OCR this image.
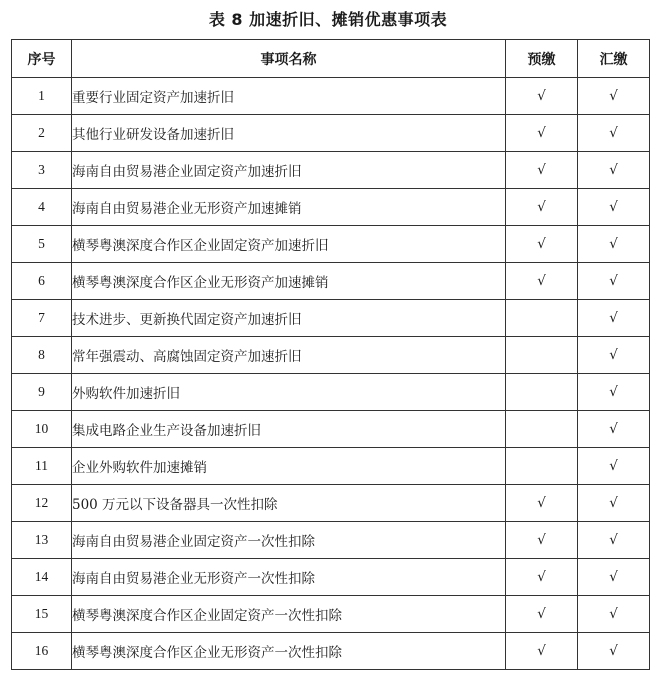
表 8 加速折旧、摊销优惠事项表
序号	事项名称	预缴	汇缴
1	重要行业固定资产加速折旧	√	√
2	其他行业研发设备加速折旧	√	√
3	海南自由贸易港企业固定资产加速折旧	√	√
4	海南自由贸易港企业无形资产加速摊销	√	√
5	横琴粤澳深度合作区企业固定资产加速折旧	√	√
6	横琴粤澳深度合作区企业无形资产加速摊销	√	√
7	技术进步、更新换代固定资产加速折旧		√
8	常年强震动、高腐蚀固定资产加速折旧		√
9	外购软件加速折旧		√
10	集成电路企业生产设备加速折旧		√
11	企业外购软件加速摊销		√
12	500 万元以下设备器具一次性扣除	√	√
13	海南自由贸易港企业固定资产一次性扣除	√	√
14	海南自由贸易港企业无形资产一次性扣除	√	√
15	横琴粤澳深度合作区企业固定资产一次性扣除	√	√
16	横琴粤澳深度合作区企业无形资产一次性扣除	√	√
